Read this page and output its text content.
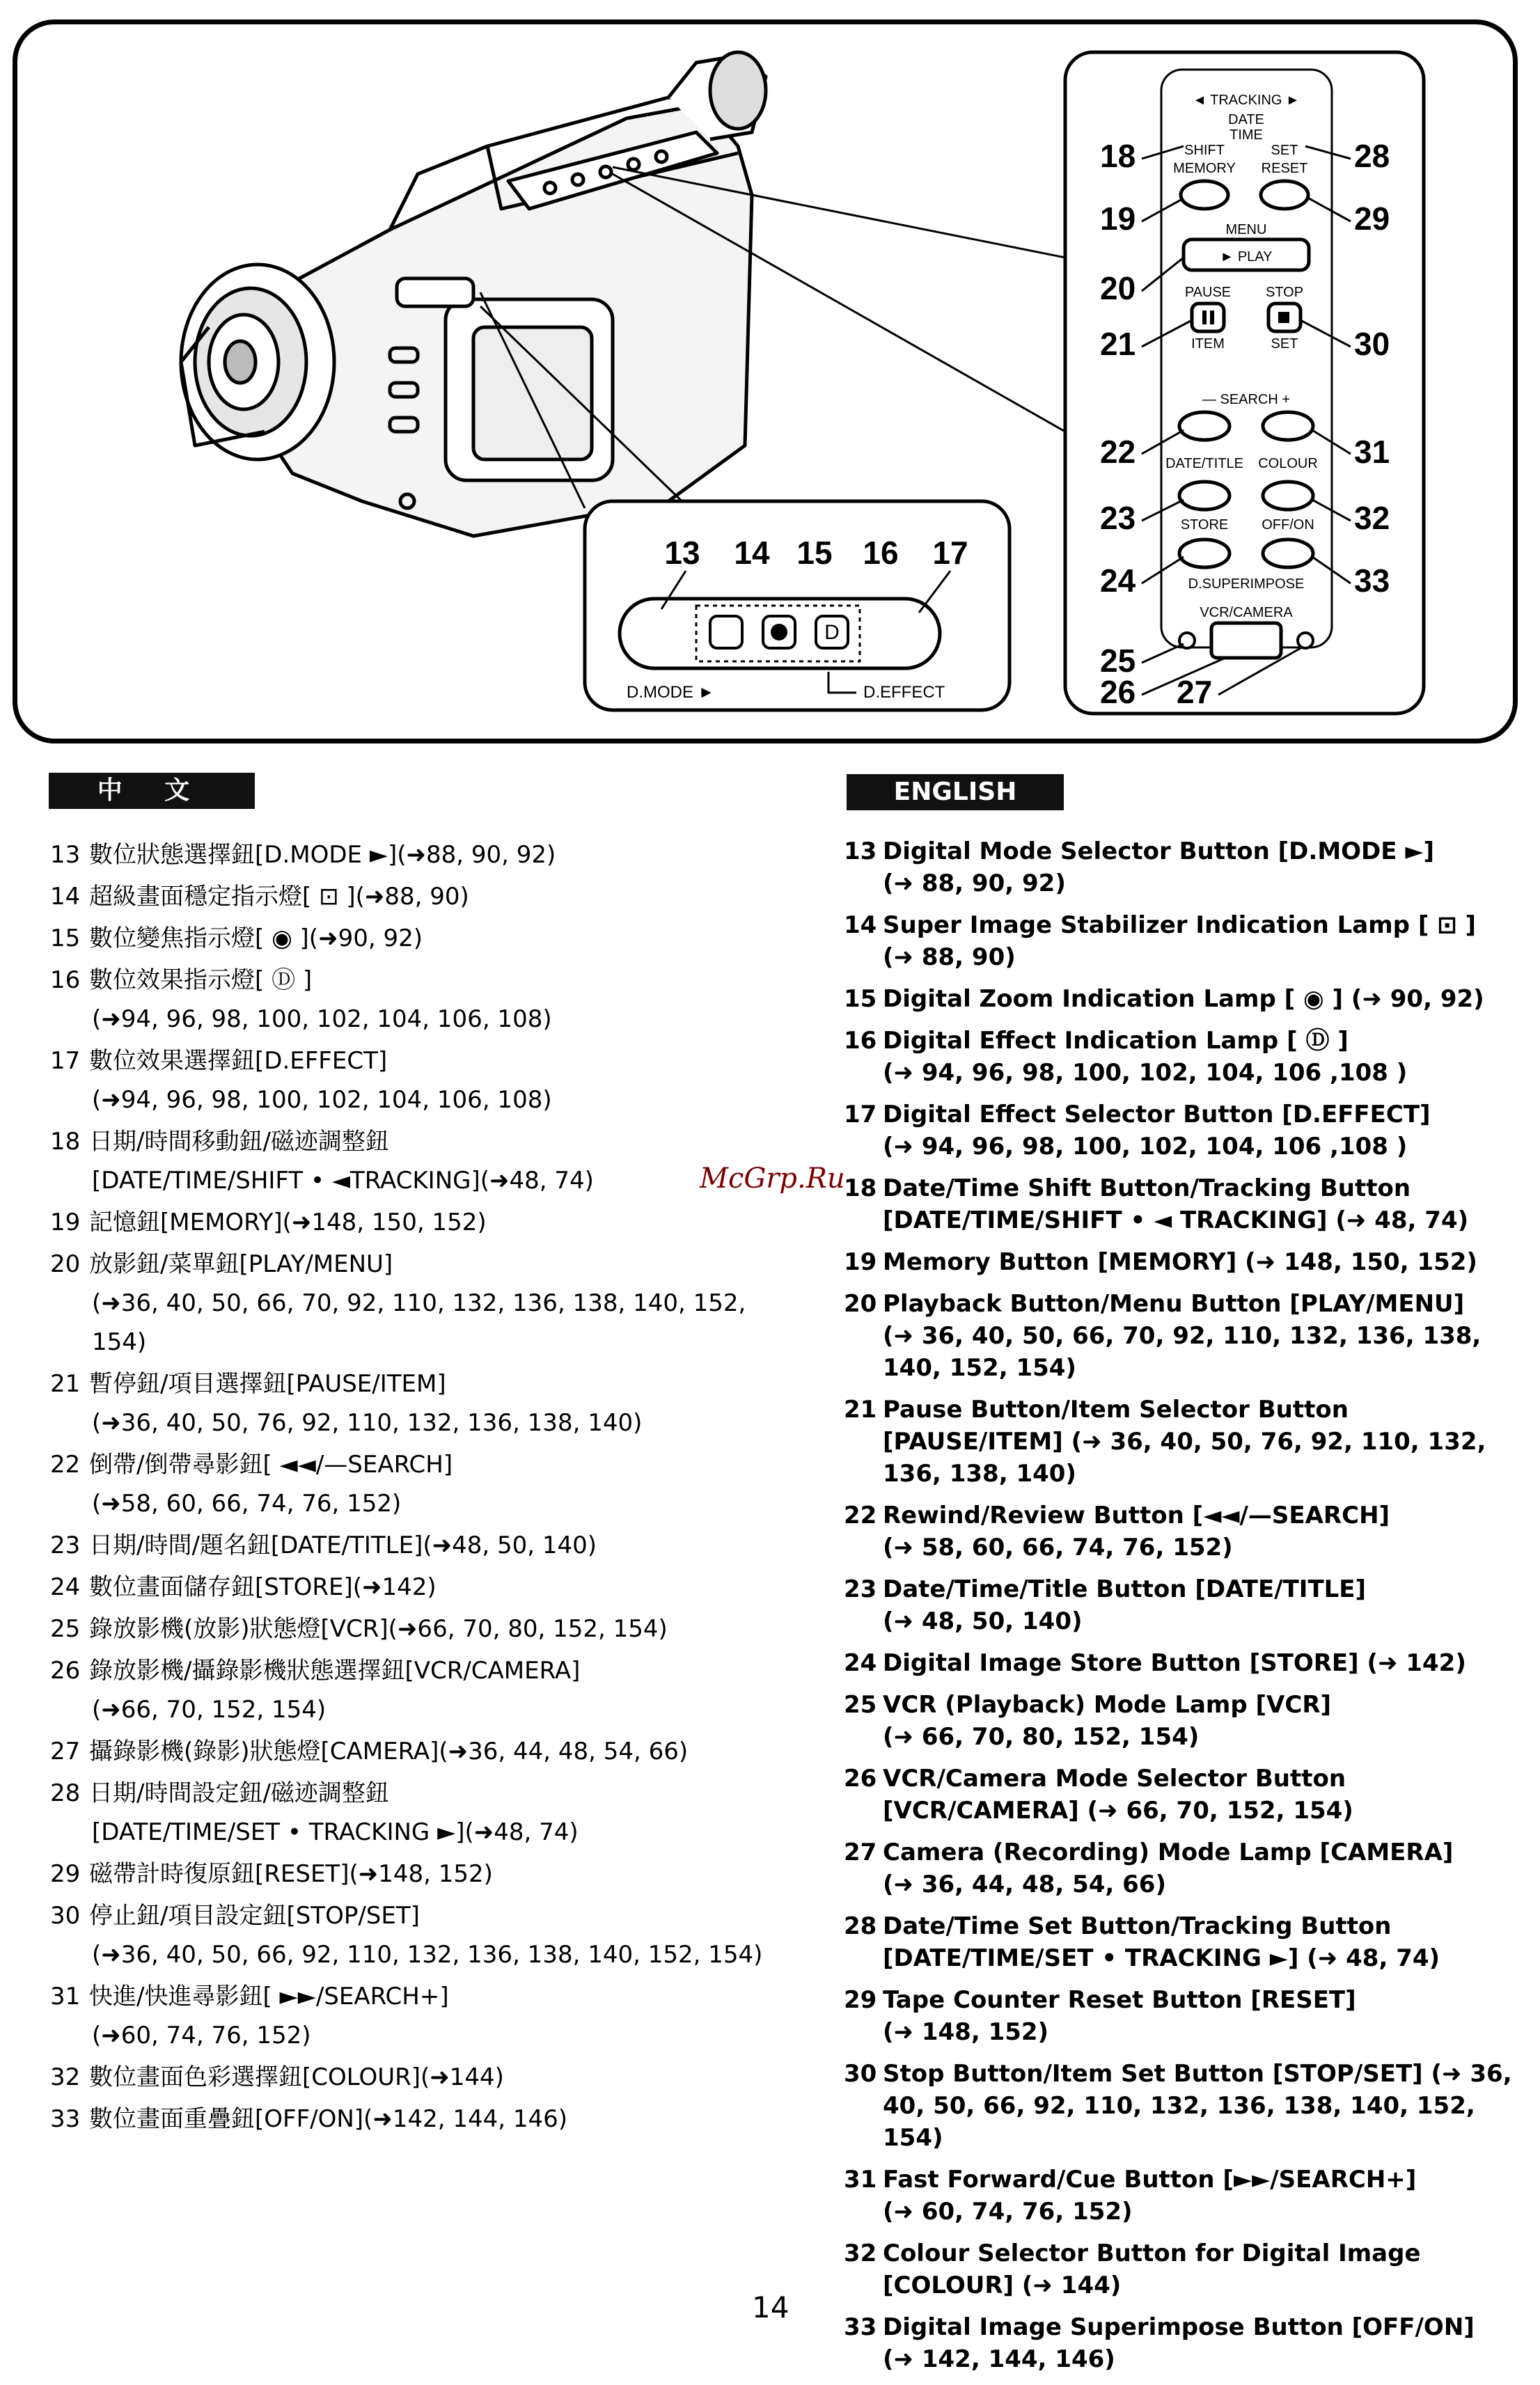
13 14 15 16 17
D
D.MODE ►	D.EFFECT
◄ TRACKING ►
DATE
TIME
SHIFT	SET
MEMORY RESET
MENU
► PLAY
PAUSE STOP
ITEM	SET
— SEARCH +
DATE/TITLE COLOUR
STORE OFF/ON
D.SUPERIMPOSE
VCR/CAMERA
18
19
20
21
22
23
24
25
26
28
29
30
31
32
33
27
中 文	ENGLISH
13 數位狀態選擇鈕[D.MODE ►](➜88, 90, 92)
14 超級畫面穩定指示燈[ ⊡ ](➜88, 90)
15 數位變焦指示燈[ ◉ ](➜90, 92)
16 數位效果指示燈[ Ⓓ ]
(➜94, 96, 98, 100, 102, 104, 106, 108)
17 數位效果選擇鈕[D.EFFECT]
(➜94, 96, 98, 100, 102, 104, 106, 108)
18 日期/時間移動鈕/磁迹調整鈕
[DATE/TIME/SHIFT • ◄TRACKING](➜48, 74)
19 記憶鈕[MEMORY](➜148, 150, 152)
20 放影鈕/菜單鈕[PLAY/MENU]
(➜36, 40, 50, 66, 70, 92, 110, 132, 136, 138, 140, 152, 154)
21 暫停鈕/項目選擇鈕[PAUSE/ITEM]
(➜36, 40, 50, 76, 92, 110, 132, 136, 138, 140)
22 倒帶/倒帶尋影鈕[ ◄◄/—SEARCH]
(➜58, 60, 66, 74, 76, 152)
23 日期/時間/題名鈕[DATE/TITLE](➜48, 50, 140)
24 數位畫面儲存鈕[STORE](➜142)
25 錄放影機(放影)狀態燈[VCR](➜66, 70, 80, 152, 154)
26 錄放影機/攝錄影機狀態選擇鈕[VCR/CAMERA]
(➜66, 70, 152, 154)
27 攝錄影機(錄影)狀態燈[CAMERA](➜36, 44, 48, 54, 66)
28 日期/時間設定鈕/磁迹調整鈕
[DATE/TIME/SET • TRACKING ►](➜48, 74)
29 磁帶計時復原鈕[RESET](➜148, 152)
30 停止鈕/項目設定鈕[STOP/SET]
(➜36, 40, 50, 66, 92, 110, 132, 136, 138, 140, 152, 154)
31 快進/快進尋影鈕[ ►►/SEARCH+]
(➜60, 74, 76, 152)
32 數位畫面色彩選擇鈕[COLOUR](➜144)
33 數位畫面重疊鈕[OFF/ON](➜142, 144, 146)
13 Digital Mode Selector Button [D.MODE ►]
(➜ 88, 90, 92)
14 Super Image Stabilizer Indication Lamp [ ⊡ ]
(➜ 88, 90)
15 Digital Zoom Indication Lamp [ ◉ ] (➜ 90, 92)
16 Digital Effect Indication Lamp [ Ⓓ ]
(➜ 94, 96, 98, 100, 102, 104, 106 ,108 )
17 Digital Effect Selector Button [D.EFFECT]
(➜ 94, 96, 98, 100, 102, 104, 106 ,108 )
18 Date/Time Shift Button/Tracking Button
[DATE/TIME/SHIFT • ◄ TRACKING] (➜ 48, 74)
19 Memory Button [MEMORY] (➜ 148, 150, 152)
20 Playback Button/Menu Button [PLAY/MENU]
(➜ 36, 40, 50, 66, 70, 92, 110, 132, 136, 138, 140, 152, 154)
21 Pause Button/Item Selector Button
[PAUSE/ITEM] (➜ 36, 40, 50, 76, 92, 110, 132, 136, 138, 140)
22 Rewind/Review Button [◄◄/—SEARCH]
(➜ 58, 60, 66, 74, 76, 152)
23 Date/Time/Title Button [DATE/TITLE]
(➜ 48, 50, 140)
24 Digital Image Store Button [STORE] (➜ 142)
25 VCR (Playback) Mode Lamp [VCR]
(➜ 66, 70, 80, 152, 154)
26 VCR/Camera Mode Selector Button
[VCR/CAMERA] (➜ 66, 70, 152, 154)
27 Camera (Recording) Mode Lamp [CAMERA]
(➜ 36, 44, 48, 54, 66)
28 Date/Time Set Button/Tracking Button
[DATE/TIME/SET • TRACKING ►] (➜ 48, 74)
29 Tape Counter Reset Button [RESET]
(➜ 148, 152)
30 Stop Button/Item Set Button [STOP/SET] (➜ 36,
40, 50, 66, 92, 110, 132, 136, 138, 140, 152, 154)
31 Fast Forward/Cue Button [►►/SEARCH+]
(➜ 60, 74, 76, 152)
32 Colour Selector Button for Digital Image
[COLOUR] (➜ 144)
33 Digital Image Superimpose Button [OFF/ON]
(➜ 142, 144, 146)
McGrp.Ru
14
